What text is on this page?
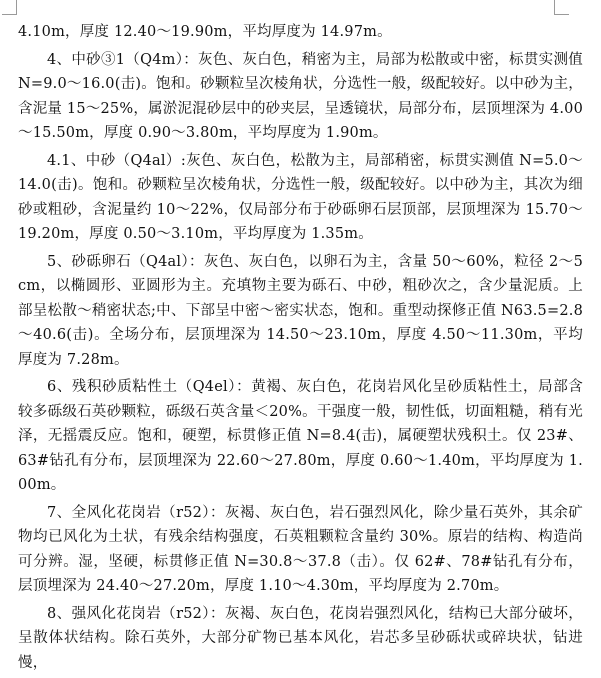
4.10m，厚度 12.40～19.90m，平均厚度为 14.97m。

4、中砂③1（Q4m）：灰色、灰白色，稍密为主，局部为松散或中密，标贯实测值 N=9.0～16.0(击)。饱和。砂颗粒呈次棱角状，分选性一般，级配较好。以中砂为主，含泥量 15～25%，属淤泥混砂层中的砂夹层，呈透镜状，局部分布，层顶埋深为 4.00～15.50m，厚度 0.90～3.80m，平均厚度为 1.90m。

4.1、中砂（Q4al）:灰色、灰白色，松散为主，局部稍密，标贯实测值 N=5.0～14.0(击)。饱和。砂颗粒呈次棱角状，分选性一般，级配较好。以中砂为主，其次为细砂或粗砂，含泥量约 10～22%，仅局部分布于砂砾卵石层顶部，层顶埋深为 15.70～19.20m，厚度 0.50～3.10m，平均厚度为 1.35m。

5、砂砾卵石（Q4al）：灰色、灰白色，以卵石为主，含量 50～60%，粒径 2～5cm，以椭圆形、亚圆形为主。充填物主要为砾石、中砂，粗砂次之，含少量泥质。上部呈松散～稍密状态;中、下部呈中密～密实状态，饱和。重型动探修正值 N63.5=2.8～40.6(击)。全场分布，层顶埋深为 14.50～23.10m，厚度 4.50～11.30m，平均厚度为 7.28m。

6、残积砂质粘性土（Q4el）：黄褐、灰白色，花岗岩风化呈砂质粘性土，局部含较多砾级石英砂颗粒，砾级石英含量＜20%。干强度一般，韧性低，切面粗糙，稍有光泽，无摇震反应。饱和，硬塑，标贯修正值 N=8.4(击)，属硬塑状残积土。仅 23#、63#钻孔有分布，层顶埋深为 22.60～27.80m，厚度 0.60～1.40m，平均厚度为 1.00m。

7、全风化花岗岩（r52）：灰褐、灰白色，岩石强烈风化，除少量石英外，其余矿物均已风化为土状，有残余结构强度，石英粗颗粒含量约 30%。原岩的结构、构造尚可分辨。湿，坚硬，标贯修正值 N=30.8～37.8（击）。仅 62#、78#钻孔有分布，层顶埋深为 24.40～27.20m，厚度 1.10～4.30m，平均厚度为 2.70m。

8、强风化花岗岩（r52）：灰褐、灰白色，花岗岩强烈风化，结构已大部分破坏，呈散体状结构。除石英外，大部分矿物已基本风化，岩芯多呈砂砾状或碎块状，钻进慢，
